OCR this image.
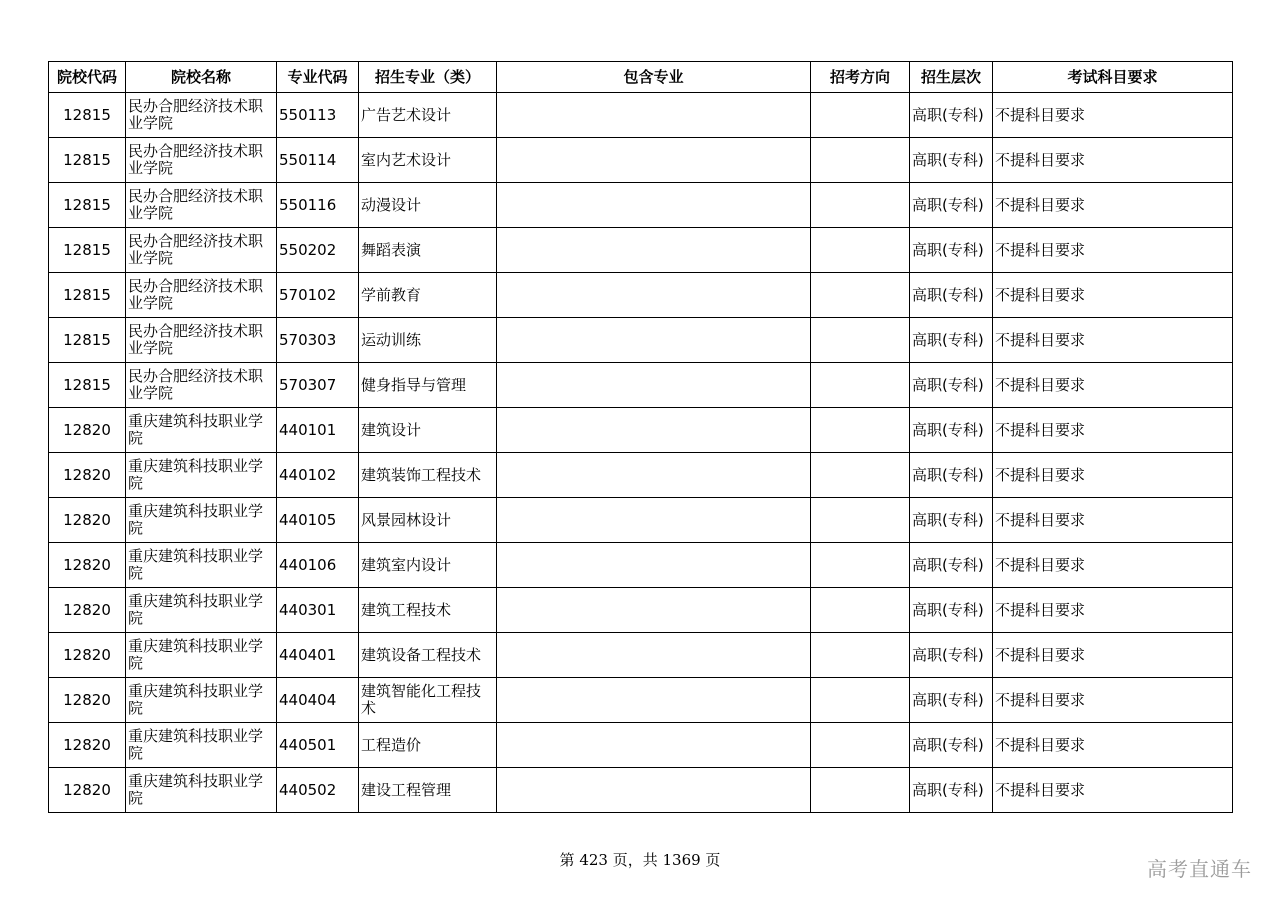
院校代码	院校名称	专业代码	招生专业（类）	包含专业	招考方向	招生层次	考试科目要求
12815	民办合肥经济技术职业学院	550113	广告艺术设计			高职(专科)	不提科目要求
12815	民办合肥经济技术职业学院	550114	室内艺术设计			高职(专科)	不提科目要求
12815	民办合肥经济技术职业学院	550116	动漫设计			高职(专科)	不提科目要求
12815	民办合肥经济技术职业学院	550202	舞蹈表演			高职(专科)	不提科目要求
12815	民办合肥经济技术职业学院	570102	学前教育			高职(专科)	不提科目要求
12815	民办合肥经济技术职业学院	570303	运动训练			高职(专科)	不提科目要求
12815	民办合肥经济技术职业学院	570307	健身指导与管理			高职(专科)	不提科目要求
12820	重庆建筑科技职业学院	440101	建筑设计			高职(专科)	不提科目要求
12820	重庆建筑科技职业学院	440102	建筑装饰工程技术			高职(专科)	不提科目要求
12820	重庆建筑科技职业学院	440105	风景园林设计			高职(专科)	不提科目要求
12820	重庆建筑科技职业学院	440106	建筑室内设计			高职(专科)	不提科目要求
12820	重庆建筑科技职业学院	440301	建筑工程技术			高职(专科)	不提科目要求
12820	重庆建筑科技职业学院	440401	建筑设备工程技术			高职(专科)	不提科目要求
12820	重庆建筑科技职业学院	440404	建筑智能化工程技术			高职(专科)	不提科目要求
12820	重庆建筑科技职业学院	440501	工程造价			高职(专科)	不提科目要求
12820	重庆建筑科技职业学院	440502	建设工程管理			高职(专科)	不提科目要求
第 423 页，共 1369 页	高考直通车
